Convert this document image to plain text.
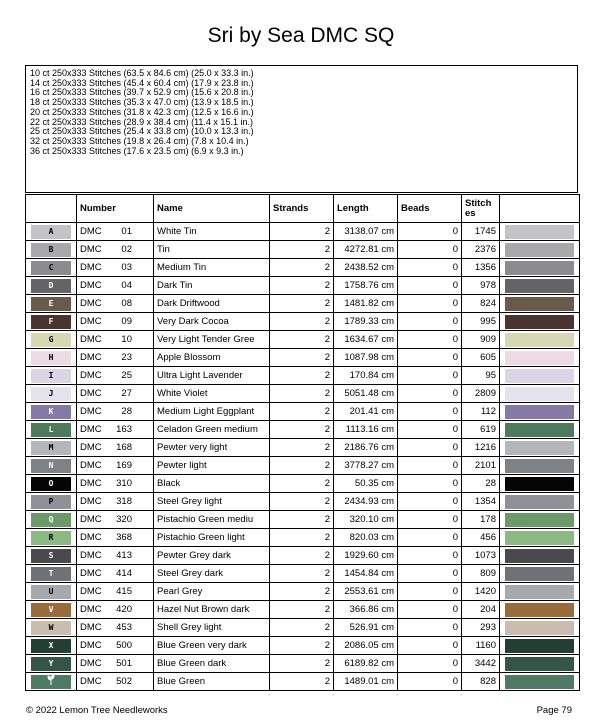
Sri by Sea DMC SQ
10 ct 250x333 Stitches (63.5 x 84.6 cm) (25.0 x 33.3 in.)
14 ct 250x333 Stitches (45.4 x 60.4 cm) (17.9 x 23.8 in.)
16 ct 250x333 Stitches (39.7 x 52.9 cm) (15.6 x 20.8 in.)
18 ct 250x333 Stitches (35.3 x 47.0 cm) (13.9 x 18.5 in.)
20 ct 250x333 Stitches (31.8 x 42.3 cm) (12.5 x 16.6 in.)
22 ct 250x333 Stitches (28.9 x 38.4 cm) (11.4 x 15.1 in.)
25 ct 250x333 Stitches (25.4 x 33.8 cm) (10.0 x 13.3 in.)
32 ct 250x333 Stitches (19.8 x 26.4 cm) (7.8 x 10.4 in.)
36 ct 250x333 Stitches (17.6 x 23.5 cm) (6.9 x 9.3 in.)
	Number	Name	Strands	Length	Beads	Stitches	

A	DMC 01	White Tin	2	3138.07 cm	0	1745	

B	DMC 02	Tin	2	4272.81 cm	0	2376	

C	DMC 03	Medium Tin	2	2438.52 cm	0	1356	

D	DMC 04	Dark Tin	2	1758.76 cm	0	978	

E	DMC 08	Dark Driftwood	2	1481.82 cm	0	824	

F	DMC 09	Very Dark Cocoa	2	1789.33 cm	0	995	

G	DMC 10	Very Light Tender Gree	2	1634.67 cm	0	909	

H	DMC 23	Apple Blossom	2	1087.98 cm	0	605	

I	DMC 25	Ultra Light Lavender	2	170.84 cm	0	95	

J	DMC 27	White Violet	2	5051.48 cm	0	2809	

K	DMC 28	Medium Light Eggplant	2	201.41 cm	0	112	

L	DMC 163	Celadon Green medium	2	1113.16 cm	0	619	

M	DMC 168	Pewter very light	2	2186.76 cm	0	1216	

N	DMC 169	Pewter light	2	3778.27 cm	0	2101	

O	DMC 310	Black	2	50.35 cm	0	28	

P	DMC 318	Steel Grey light	2	2434.93 cm	0	1354	

Q	DMC 320	Pistachio Green mediu	2	320.10 cm	0	178	

R	DMC 368	Pistachio Green light	2	820.03 cm	0	456	

S	DMC 413	Pewter Grey dark	2	1929.60 cm	0	1073	

T	DMC 414	Steel Grey dark	2	1454.84 cm	0	809	

U	DMC 415	Pearl Grey	2	2553.61 cm	0	1420	

V	DMC 420	Hazel Nut Brown dark	2	366.86 cm	0	204	

W	DMC 453	Shell Grey light	2	526.91 cm	0	293	

X	DMC 500	Blue Green very dark	2	2086.05 cm	0	1160	

Y	DMC 501	Blue Green dark	2	6189.82 cm	0	3442	

	DMC 502	Blue Green	2	1489.01 cm	0	828	
© 2022 Lemon Tree Needleworks	Page 79
